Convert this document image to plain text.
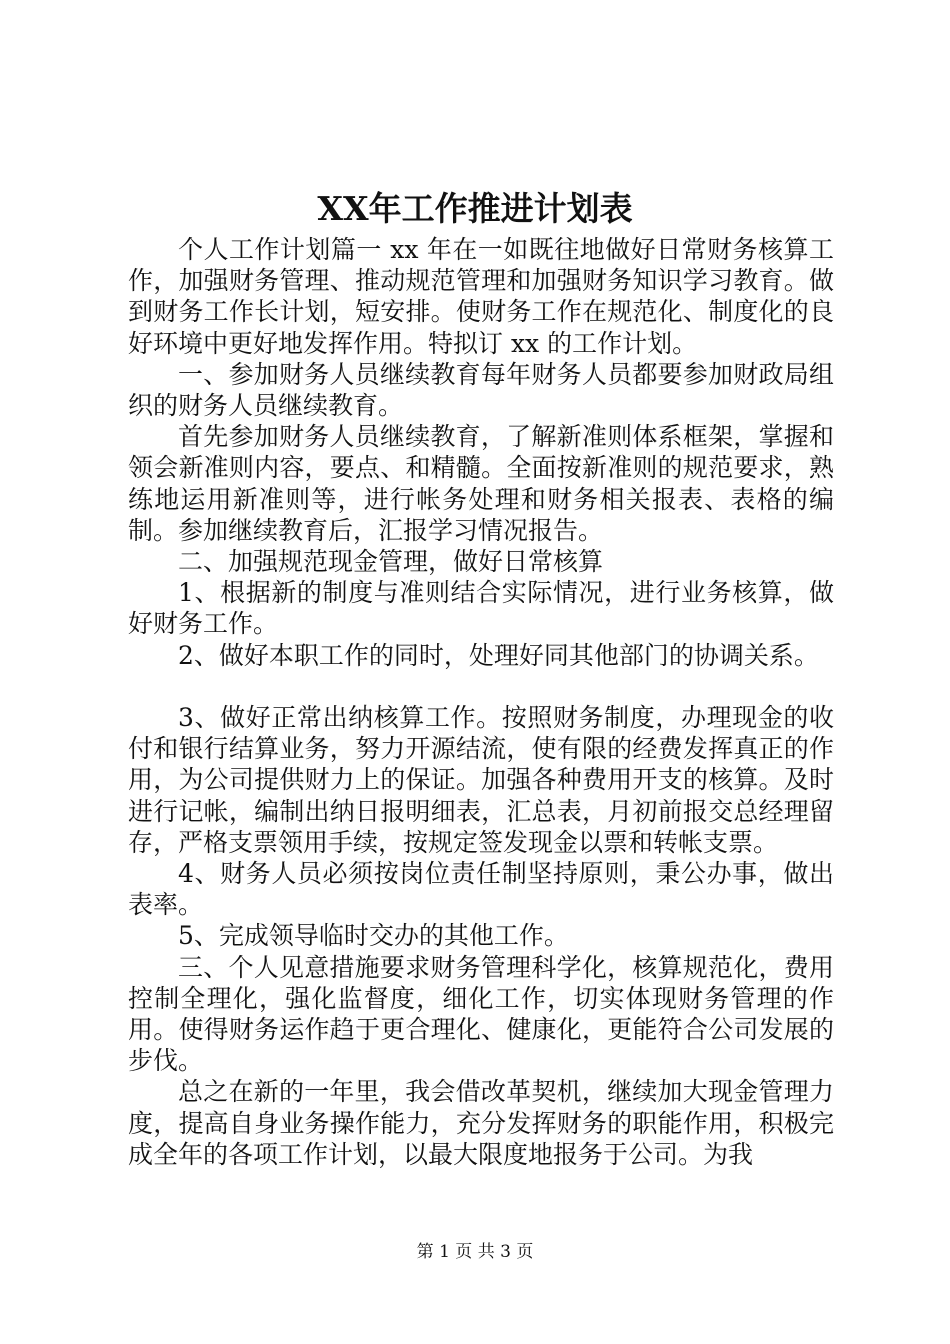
XX年工作推进计划表

个人工作计划篇一 xx 年在一如既往地做好日常财务核算工作，加强财务管理、推动规范管理和加强财务知识学习教育。做到财务工作长计划，短安排。使财务工作在规范化、制度化的良好环境中更好地发挥作用。特拟订 xx 的工作计划。

一、参加财务人员继续教育每年财务人员都要参加财政局组织的财务人员继续教育。

首先参加财务人员继续教育，了解新准则体系框架，掌握和领会新准则内容，要点、和精髓。全面按新准则的规范要求，熟练地运用新准则等，进行帐务处理和财务相关报表、表格的编制。参加继续教育后，汇报学习情况报告。

二、加强规范现金管理，做好日常核算

1、根据新的制度与准则结合实际情况，进行业务核算，做好财务工作。

2、做好本职工作的同时，处理好同其他部门的协调关系。

3、做好正常出纳核算工作。按照财务制度，办理现金的收付和银行结算业务，努力开源结流，使有限的经费发挥真正的作用，为公司提供财力上的保证。加强各种费用开支的核算。及时进行记帐，编制出纳日报明细表，汇总表，月初前报交总经理留存，严格支票领用手续，按规定签发现金以票和转帐支票。

4、财务人员必须按岗位责任制坚持原则，秉公办事，做出表率。

5、完成领导临时交办的其他工作。

三、个人见意措施要求财务管理科学化，核算规范化，费用控制全理化，强化监督度，细化工作，切实体现财务管理的作用。使得财务运作趋于更合理化、健康化，更能符合公司发展的步伐。

总之在新的一年里，我会借改革契机，继续加大现金管理力度，提高自身业务操作能力，充分发挥财务的职能作用，积极完成全年的各项工作计划，以最大限度地报务于公司。为我

第 1 页 共 3 页
